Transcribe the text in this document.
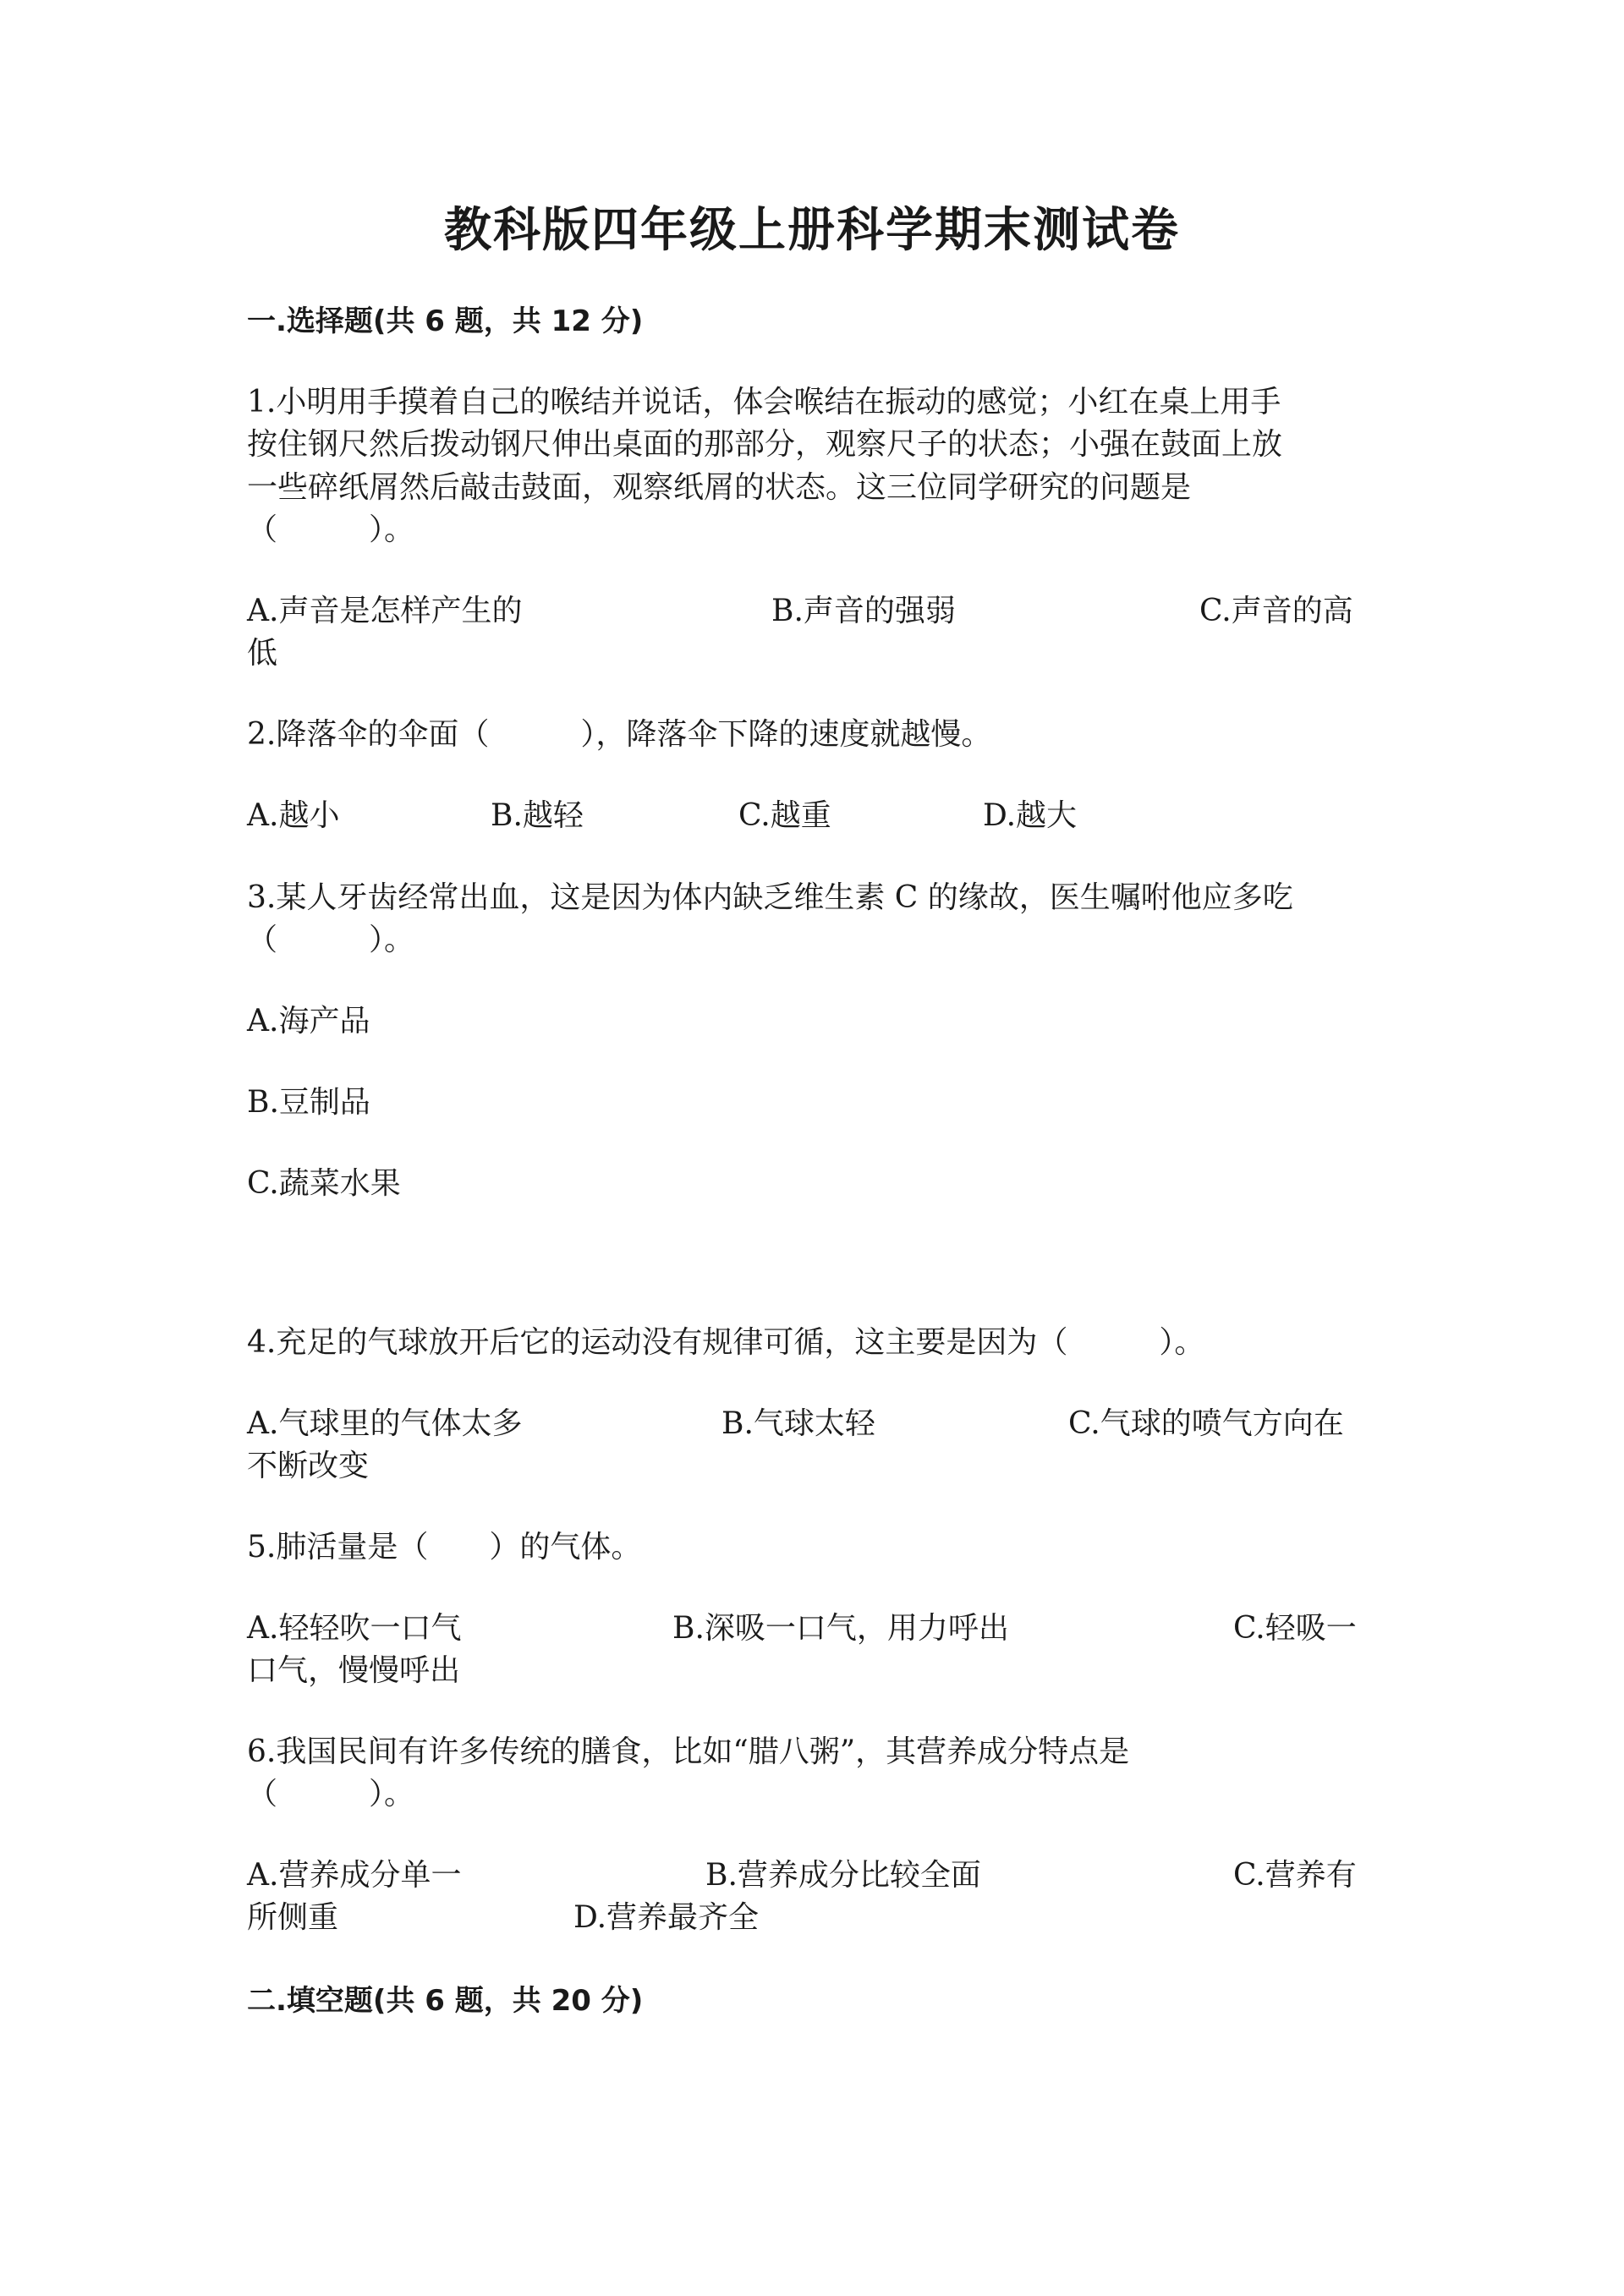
教科版四年级上册科学期末测试卷
一.选择题(共 6 题，共 12 分)
1.小明用手摸着自己的喉结并说话，体会喉结在振动的感觉；小红在桌上用手
按住钢尺然后拨动钢尺伸出桌面的那部分，观察尺子的状态；小强在鼓面上放
一些碎纸屑然后敲击鼓面，观察纸屑的状态。这三位同学研究的问题是
（　　　）。
A.声音是怎样产生的	B.声音的强弱	C.声音的高
低
2.降落伞的伞面（　　　），降落伞下降的速度就越慢。
A.越小	B.越轻	C.越重	D.越大
3.某人牙齿经常出血，这是因为体内缺乏维生素 C 的缘故，医生嘱咐他应多吃
（　　　）。
A.海产品
B.豆制品
C.蔬菜水果
4.充足的气球放开后它的运动没有规律可循，这主要是因为（　　　）。
A.气球里的气体太多	B.气球太轻	C.气球的喷气方向在
不断改变
5.肺活量是（　　）的气体。
A.轻轻吹一口气	B.深吸一口气，用力呼出	C.轻吸一
口气，慢慢呼出
6.我国民间有许多传统的膳食，比如“腊八粥”，其营养成分特点是
（　　　）。
A.营养成分单一	B.营养成分比较全面	C.营养有
所侧重	D.营养最齐全
二.填空题(共 6 题，共 20 分)
